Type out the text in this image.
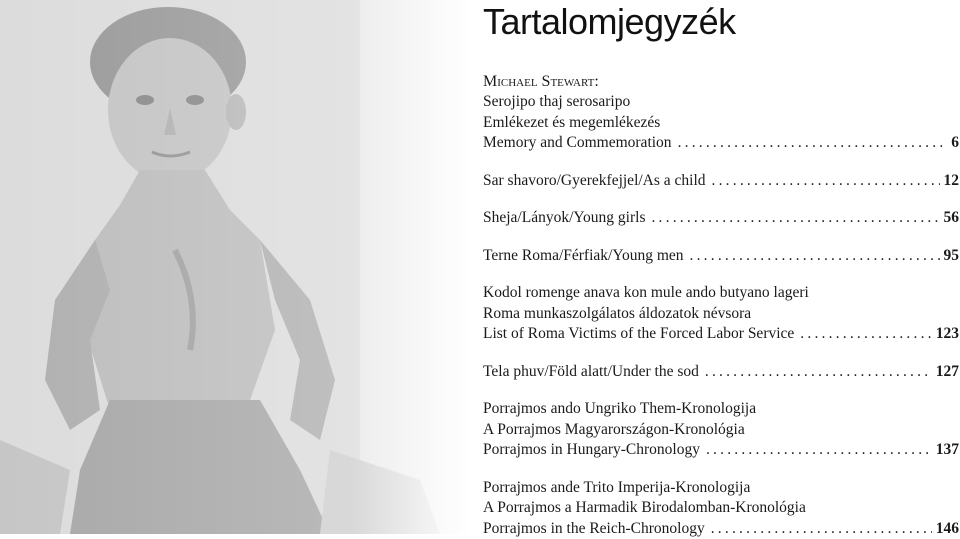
Tartalomjegyzék
Michael Stewart:
Serojipo thaj serosaripo
Emlékezet és megemlékezés
Memory and Commemoration .....	6
Sar shavoro/Gyerekfejjel/As a child .....	12
Sheja/Lányok/Young girls .....	56
Terne Roma/Férfiak/Young men .....	95
Kodol romenge anava kon mule ando butyano lageri
Roma munkaszolgálatos áldozatok névsora
List of Roma Victims of the Forced Labor Service .....	123
Tela phuv/Föld alatt/Under the sod .....	127
Porrajmos ando Ungriko Them-Kronologija
A Porrajmos Magyarországon-Kronológia
Porrajmos in Hungary-Chronology .....	137
Porrajmos ande Trito Imperija-Kronologija
A Porrajmos a Harmadik Birodalomban-Kronológia
Porrajmos in the Reich-Chronology .....	146
